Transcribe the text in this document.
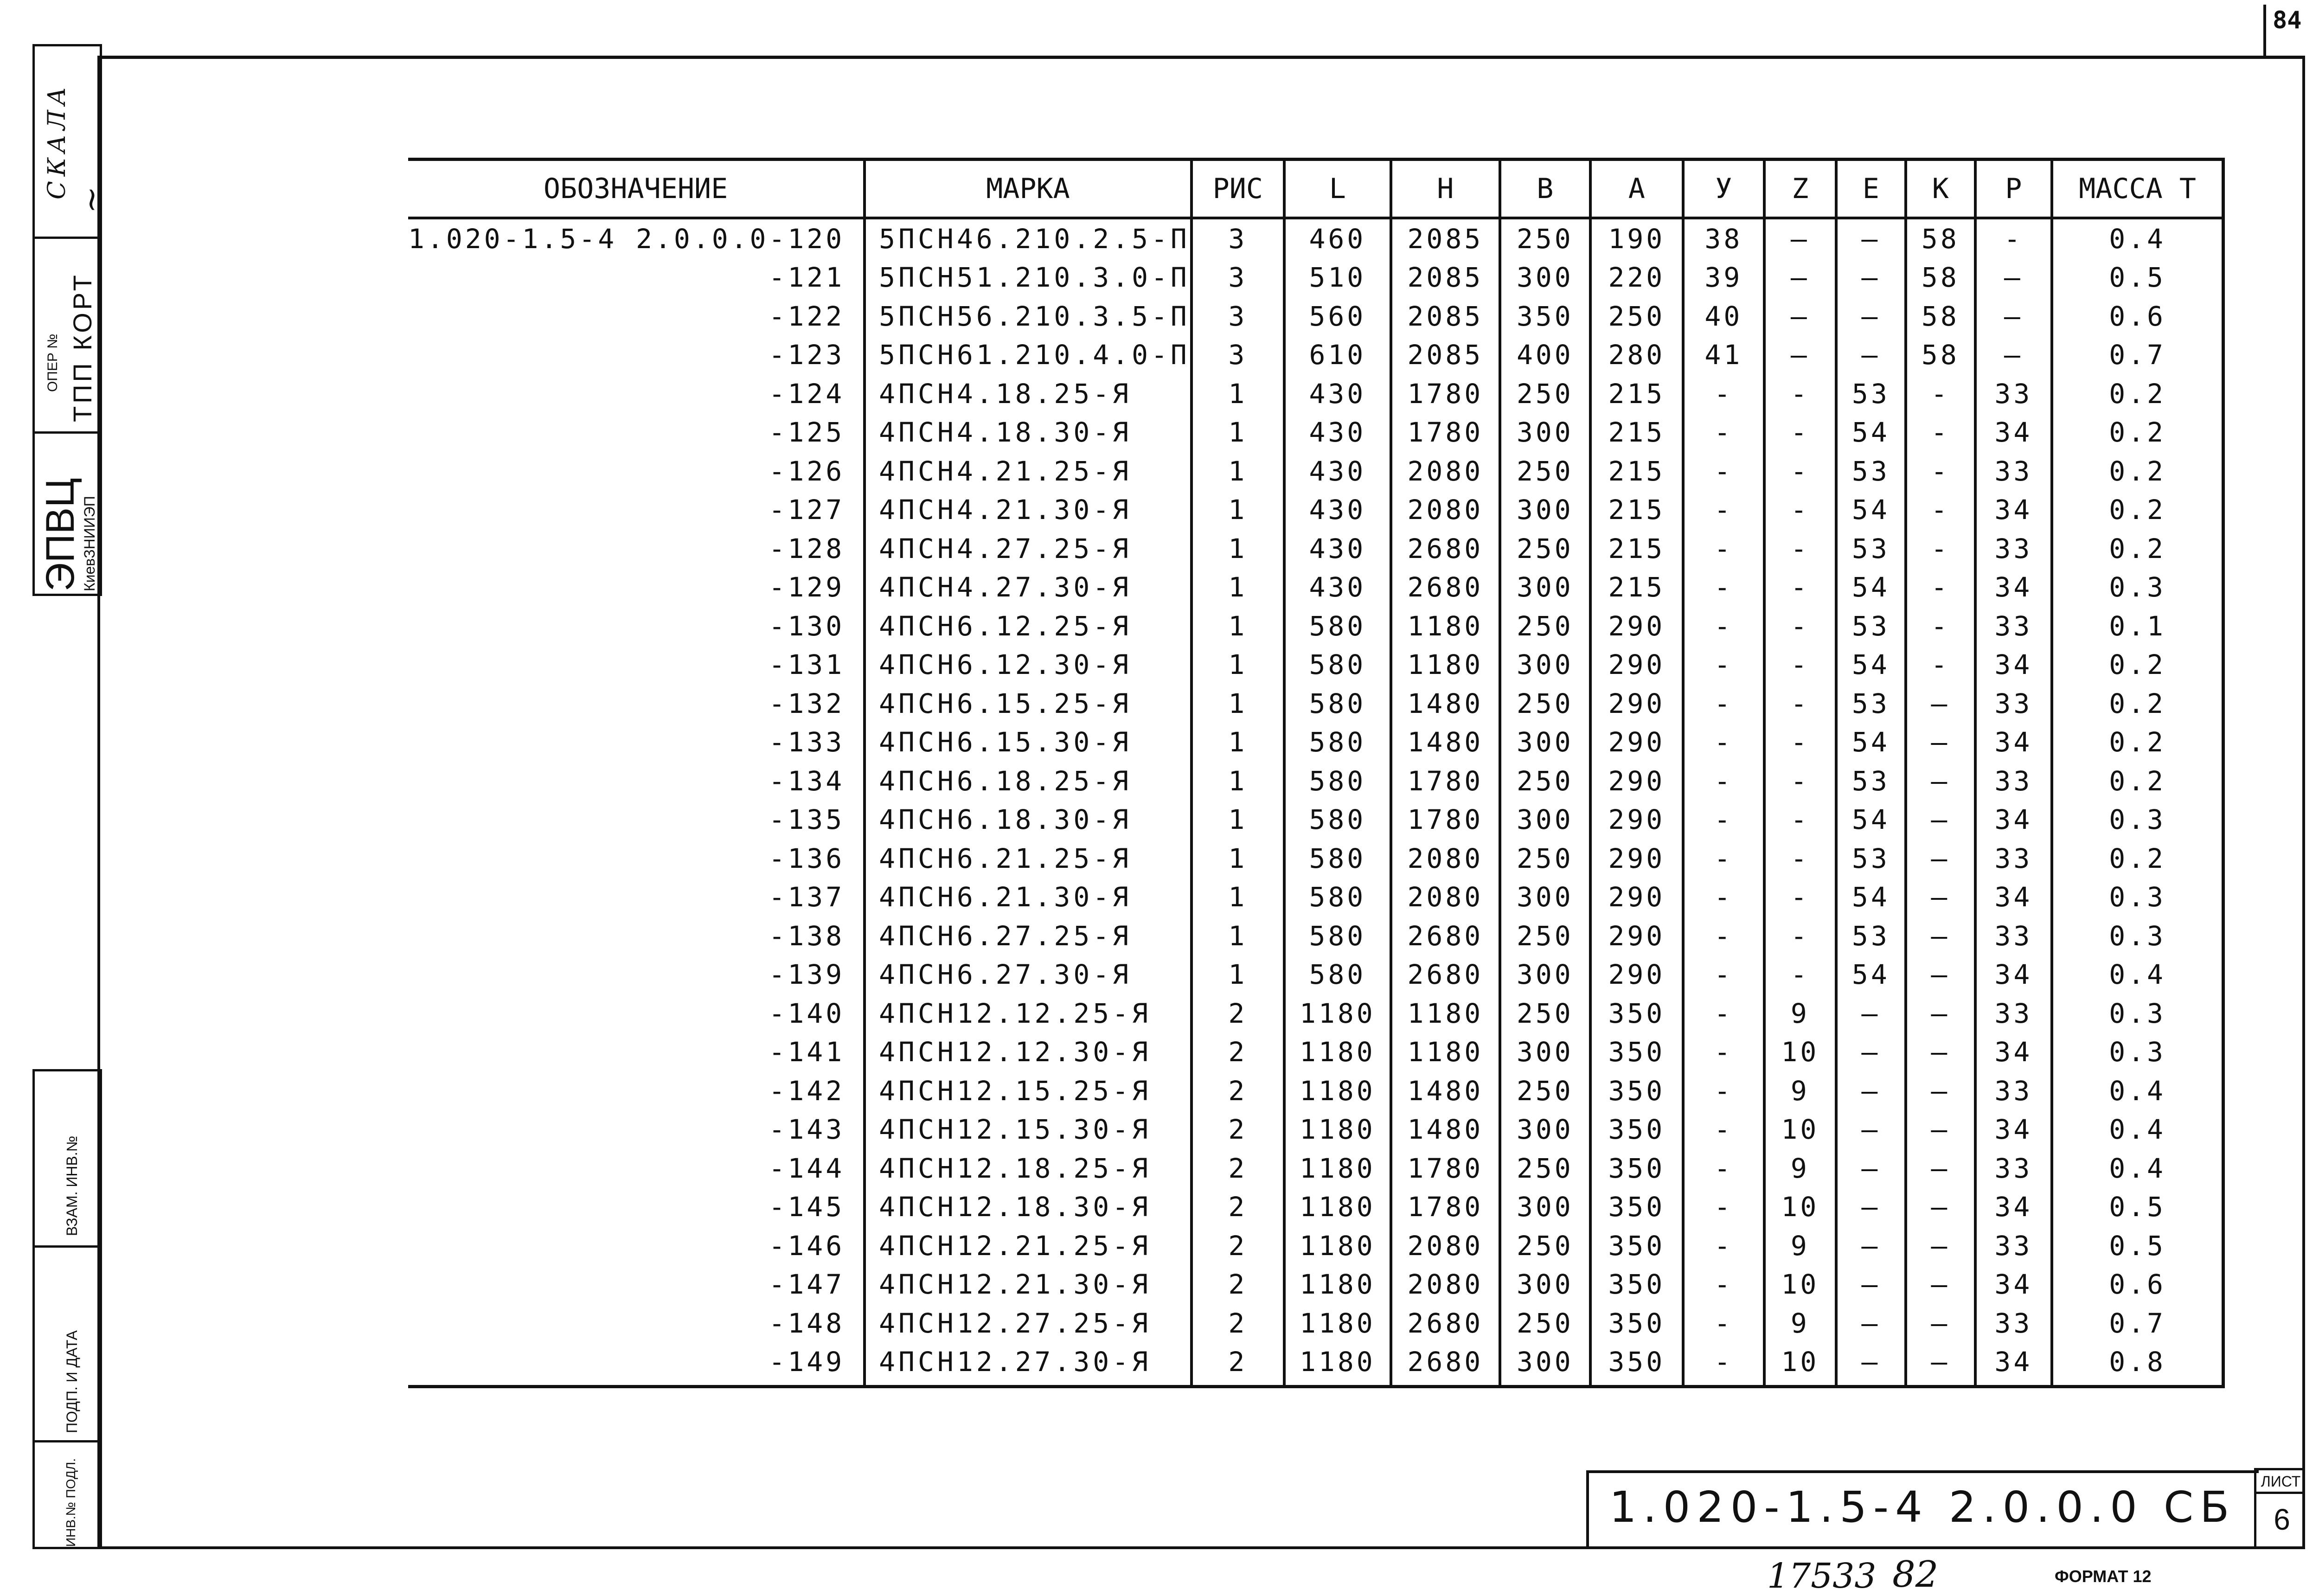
84
СКАЛА
~
ОПЕР № ТПП КОРТ
ЭПВЦ
КиевЗНИИЭП
ВЗАМ. ИНВ.№
ПОДП. И ДАТА
ИНВ.№ ПОДЛ.
ОБОЗНАЧЕНИЕ	МАРКА	РИС	L	H	B	A	У	Z	E	K	P	МАССА Т
1.020-1.5-4 2.0.0.0-120	5ПСН46.210.2.5-П	3	460	2085	250	190	38	–	–	58	-	0.4
-121	5ПСН51.210.3.0-П	3	510	2085	300	220	39	–	–	58	–	0.5
-122	5ПСН56.210.3.5-П	3	560	2085	350	250	40	–	–	58	–	0.6
-123	5ПСН61.210.4.0-П	3	610	2085	400	280	41	–	–	58	–	0.7
-124	4ПСН4.18.25-Я	1	430	1780	250	215	-	-	53	-	33	0.2
-125	4ПСН4.18.30-Я	1	430	1780	300	215	-	-	54	-	34	0.2
-126	4ПСН4.21.25-Я	1	430	2080	250	215	-	-	53	-	33	0.2
-127	4ПСН4.21.30-Я	1	430	2080	300	215	-	-	54	-	34	0.2
-128	4ПСН4.27.25-Я	1	430	2680	250	215	-	-	53	-	33	0.2
-129	4ПСН4.27.30-Я	1	430	2680	300	215	-	-	54	-	34	0.3
-130	4ПСН6.12.25-Я	1	580	1180	250	290	-	-	53	-	33	0.1
-131	4ПСН6.12.30-Я	1	580	1180	300	290	-	-	54	-	34	0.2
-132	4ПСН6.15.25-Я	1	580	1480	250	290	-	-	53	–	33	0.2
-133	4ПСН6.15.30-Я	1	580	1480	300	290	-	-	54	–	34	0.2
-134	4ПСН6.18.25-Я	1	580	1780	250	290	-	-	53	–	33	0.2
-135	4ПСН6.18.30-Я	1	580	1780	300	290	-	-	54	–	34	0.3
-136	4ПСН6.21.25-Я	1	580	2080	250	290	-	-	53	–	33	0.2
-137	4ПСН6.21.30-Я	1	580	2080	300	290	-	-	54	–	34	0.3
-138	4ПСН6.27.25-Я	1	580	2680	250	290	-	-	53	–	33	0.3
-139	4ПСН6.27.30-Я	1	580	2680	300	290	-	-	54	–	34	0.4
-140	4ПСН12.12.25-Я	2	1180	1180	250	350	-	9	–	–	33	0.3
-141	4ПСН12.12.30-Я	2	1180	1180	300	350	-	10	–	–	34	0.3
-142	4ПСН12.15.25-Я	2	1180	1480	250	350	-	9	–	–	33	0.4
-143	4ПСН12.15.30-Я	2	1180	1480	300	350	-	10	–	–	34	0.4
-144	4ПСН12.18.25-Я	2	1180	1780	250	350	-	9	–	–	33	0.4
-145	4ПСН12.18.30-Я	2	1180	1780	300	350	-	10	–	–	34	0.5
-146	4ПСН12.21.25-Я	2	1180	2080	250	350	-	9	–	–	33	0.5
-147	4ПСН12.21.30-Я	2	1180	2080	300	350	-	10	–	–	34	0.6
-148	4ПСН12.27.25-Я	2	1180	2680	250	350	-	9	–	–	33	0.7
-149	4ПСН12.27.30-Я	2	1180	2680	300	350	-	10	–	–	34	0.8
1.020-1.5-4 2.0.0.0 СБ
ЛИСТ
6
17533 82	ФОРМАТ 12
